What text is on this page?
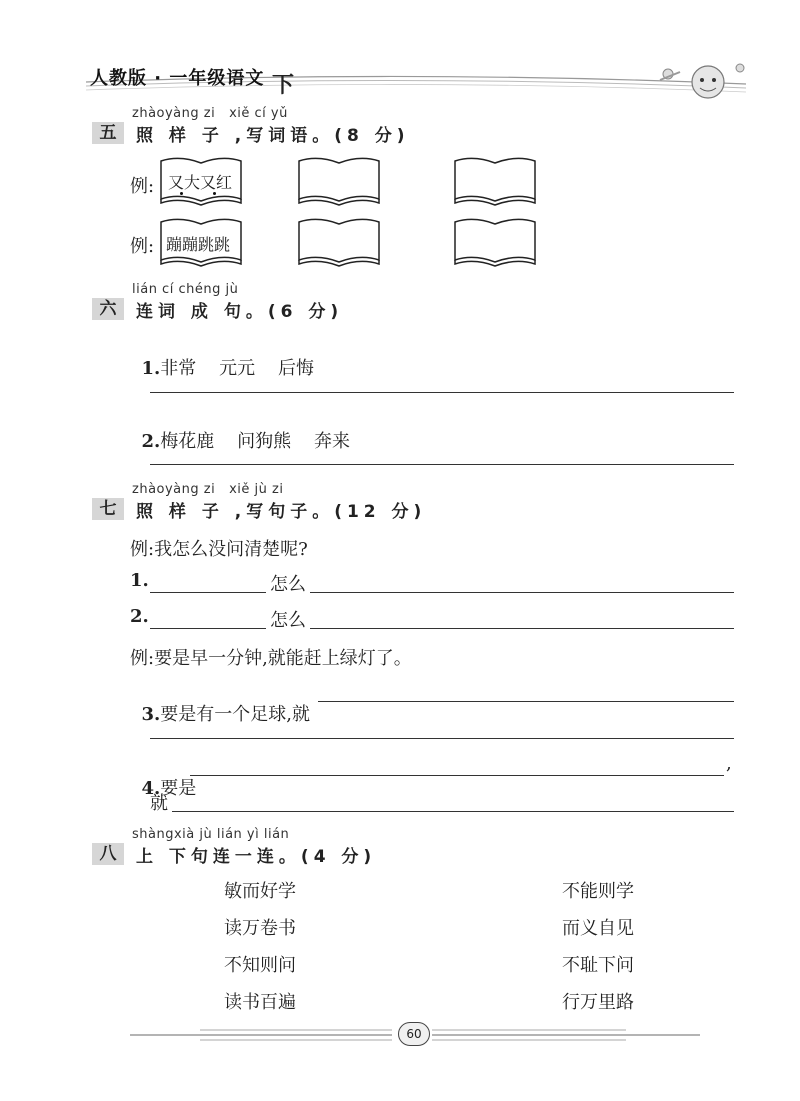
人教版 · 一年级语文 下
zhàoyàng zi   xiě cí yǔ
五	照 样 子 ,写词语。(8 分)
例:
例:
又大又红
蹦蹦跳跳
lián cí chéng jù
六	连词 成 句。(6 分)

1.非常    元元    后悔

2.梅花鹿    问狗熊    奔来

zhàoyàng zi   xiě jù zi
七	照 样 子 ,写句子。(12 分)
例:我怎么没问清楚呢?
1.	怎么
2.	怎么
例:要是早一分钟,就能赶上绿灯了。

3.要是有一个足球,就

4.要是

,
就
shàngxià jù lián yì lián
八	上 下句连一连。(4 分)
敏而好学
读万卷书
不知则问
读书百遍
不能则学
而义自见
不耻下问
行万里路
60
